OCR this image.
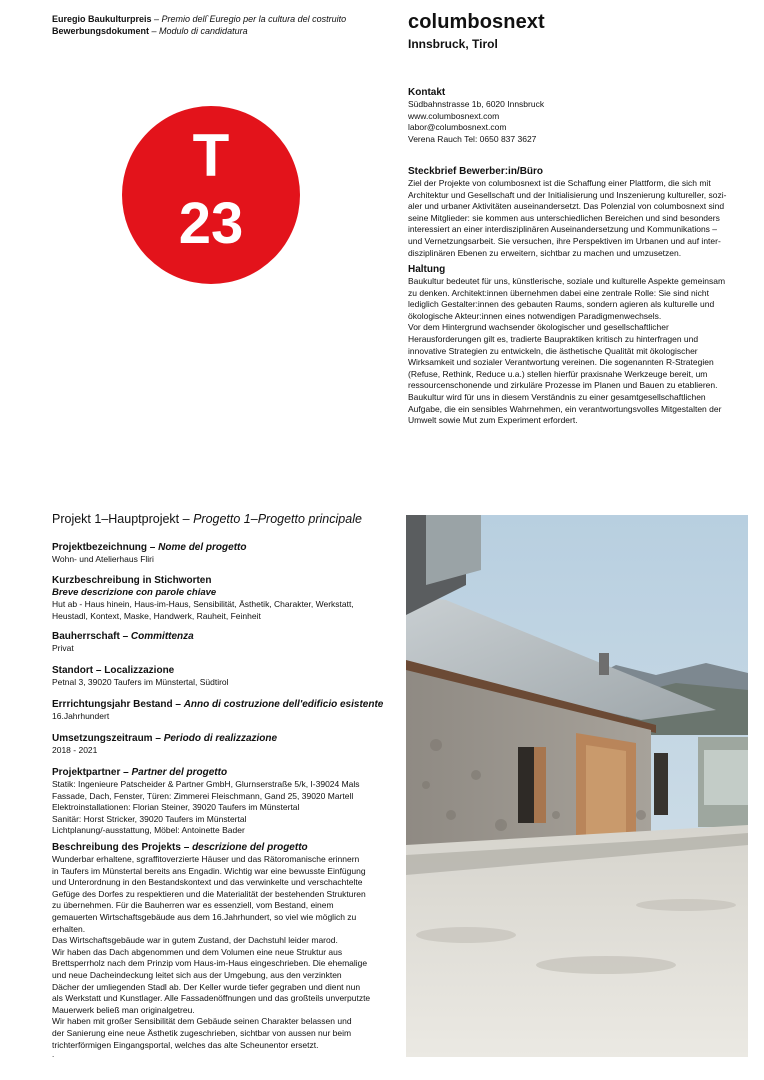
Euregio Baukulturpreis – Premio dell`Euregio per la cultura del costruito
Bewerbungsdokument – Modulo di candidatura	columbosnext
Innsbruck, Tirol
T
23
Kontakt
Südbahnstrasse 1b, 6020 Innsbruck
www.columbosnext.com
labor@columbosnext.com
Verena Rauch Tel: 0650 837 3627
Steckbrief Bewerber:in/Büro
Ziel der Projekte von columbosnext ist die Schaffung einer Plattform, die sich mit
Architektur und Gesellschaft und der Initialisierung und Inszenierung kultureller, sozi-
aler und urbaner Aktivitäten auseinandersetzt. Das Polenzial von columbosnext sind
seine Mitglieder: sie kommen aus unterschiedlichen Bereichen und sind besonders
interessiert an einer interdisziplinären Auseinandersetzung und Kommunikations –
und Vernetzungsarbeit. Sie versuchen, ihre Perspektiven im Urbanen und auf inter-
disziplinären Ebenen zu erweitern, sichtbar zu machen und umzusetzen.
Haltung
Baukultur bedeutet für uns, künstlerische, soziale und kulturelle Aspekte gemeinsam
zu denken. Architekt:innen übernehmen dabei eine zentrale Rolle: Sie sind nicht
lediglich Gestalter:innen des gebauten Raums, sondern agieren als kulturelle und
ökologische Akteur:innen eines notwendigen Paradigmenwechsels.
Vor dem Hintergrund wachsender ökologischer und gesellschaftlicher
Herausforderungen gilt es, tradierte Baupraktiken kritisch zu hinterfragen und
innovative Strategien zu entwickeln, die ästhetische Qualität mit ökologischer
Wirksamkeit und sozialer Verantwortung vereinen. Die sogenannten R-Strategien
(Refuse, Rethink, Reduce u.a.) stellen hierfür praxisnahe Werkzeuge bereit, um
ressourcenschonende und zirkuläre Prozesse im Planen und Bauen zu etablieren.
Baukultur wird für uns in diesem Verständnis zu einer gesamtgesellschaftlichen
Aufgabe, die ein sensibles Wahrnehmen, ein verantwortungsvolles Mitgestalten der
Umwelt sowie Mut zum Experiment erfordert.
Projekt 1–Hauptprojekt – Progetto 1–Progetto principale
Projektbezeichnung – Nome del progetto
Wohn- und Atelierhaus Fliri
Kurzbeschreibung in Stichworten
Breve descrizione con parole chiave
Hut ab - Haus hinein, Haus-im-Haus, Sensibilität, Ästhetik, Charakter, Werkstatt,
Heustadl, Kontext, Maske, Handwerk, Rauheit, Feinheit
Bauherrschaft – Committenza
Privat
Standort – Localizzazione
Petnal 3, 39020 Taufers im Münstertal, Südtirol
Errrichtungsjahr Bestand – Anno di costruzione dell'edificio esistente
16.Jahrhundert
Umsetzungszeitraum – Periodo di realizzazione
2018 - 2021
Projektpartner – Partner del progetto
Statik: Ingenieure Patscheider & Partner GmbH, Glurnserstraße 5/k, I-39024 Mals
Fassade, Dach, Fenster, Türen: Zimmerei Fleischmann, Gand 25, 39020 Martell
Elektroinstallationen: Florian Steiner, 39020 Taufers im Münstertal
Sanitär: Horst Stricker, 39020 Taufers im Münstertal
Lichtplanung/-ausstattung, Möbel: Antoinette Bader
Beschreibung des Projekts – descrizione del progetto
Wunderbar erhaltene, sgraffitoverzierte Häuser und das Rätoromanische erinnern
in Taufers im Münstertal bereits ans Engadin. Wichtig war eine bewusste Einfügung
und Unterordnung in den Bestandskontext und das verwinkelte und verschachtelte
Gefüge des Dorfes zu respektieren und die Materialität der bestehenden Strukturen
zu übernehmen. Für die Bauherren war es essenziell, vom Bestand, einem
gemauerten Wirtschaftsgebäude aus dem 16.Jahrhundert, so viel wie möglich zu
erhalten.
Das Wirtschaftsgebäude war in gutem Zustand, der Dachstuhl leider marod.
Wir haben das Dach abgenommen und dem Volumen eine neue Struktur aus
Brettsperrholz nach dem Prinzip vom Haus-im-Haus eingeschrieben. Die ehemalige
und neue Dacheindeckung leitet sich aus der Umgebung, aus den verzinkten
Dächer der umliegenden Stadl ab. Der Keller wurde tiefer gegraben und dient nun
als Werkstatt und Kunstlager. Alle Fassadenöffnungen und das großteils unverputzte
Mauerwerk beließ man originalgetreu.
Wir haben mit großer Sensibilität dem Gebäude seinen Charakter belassen und
der Sanierung eine neue Ästhetik zugeschrieben, sichtbar von aussen nur beim
trichterförmigen Eingangsportal, welches das alte Scheunentor ersetzt.
.
